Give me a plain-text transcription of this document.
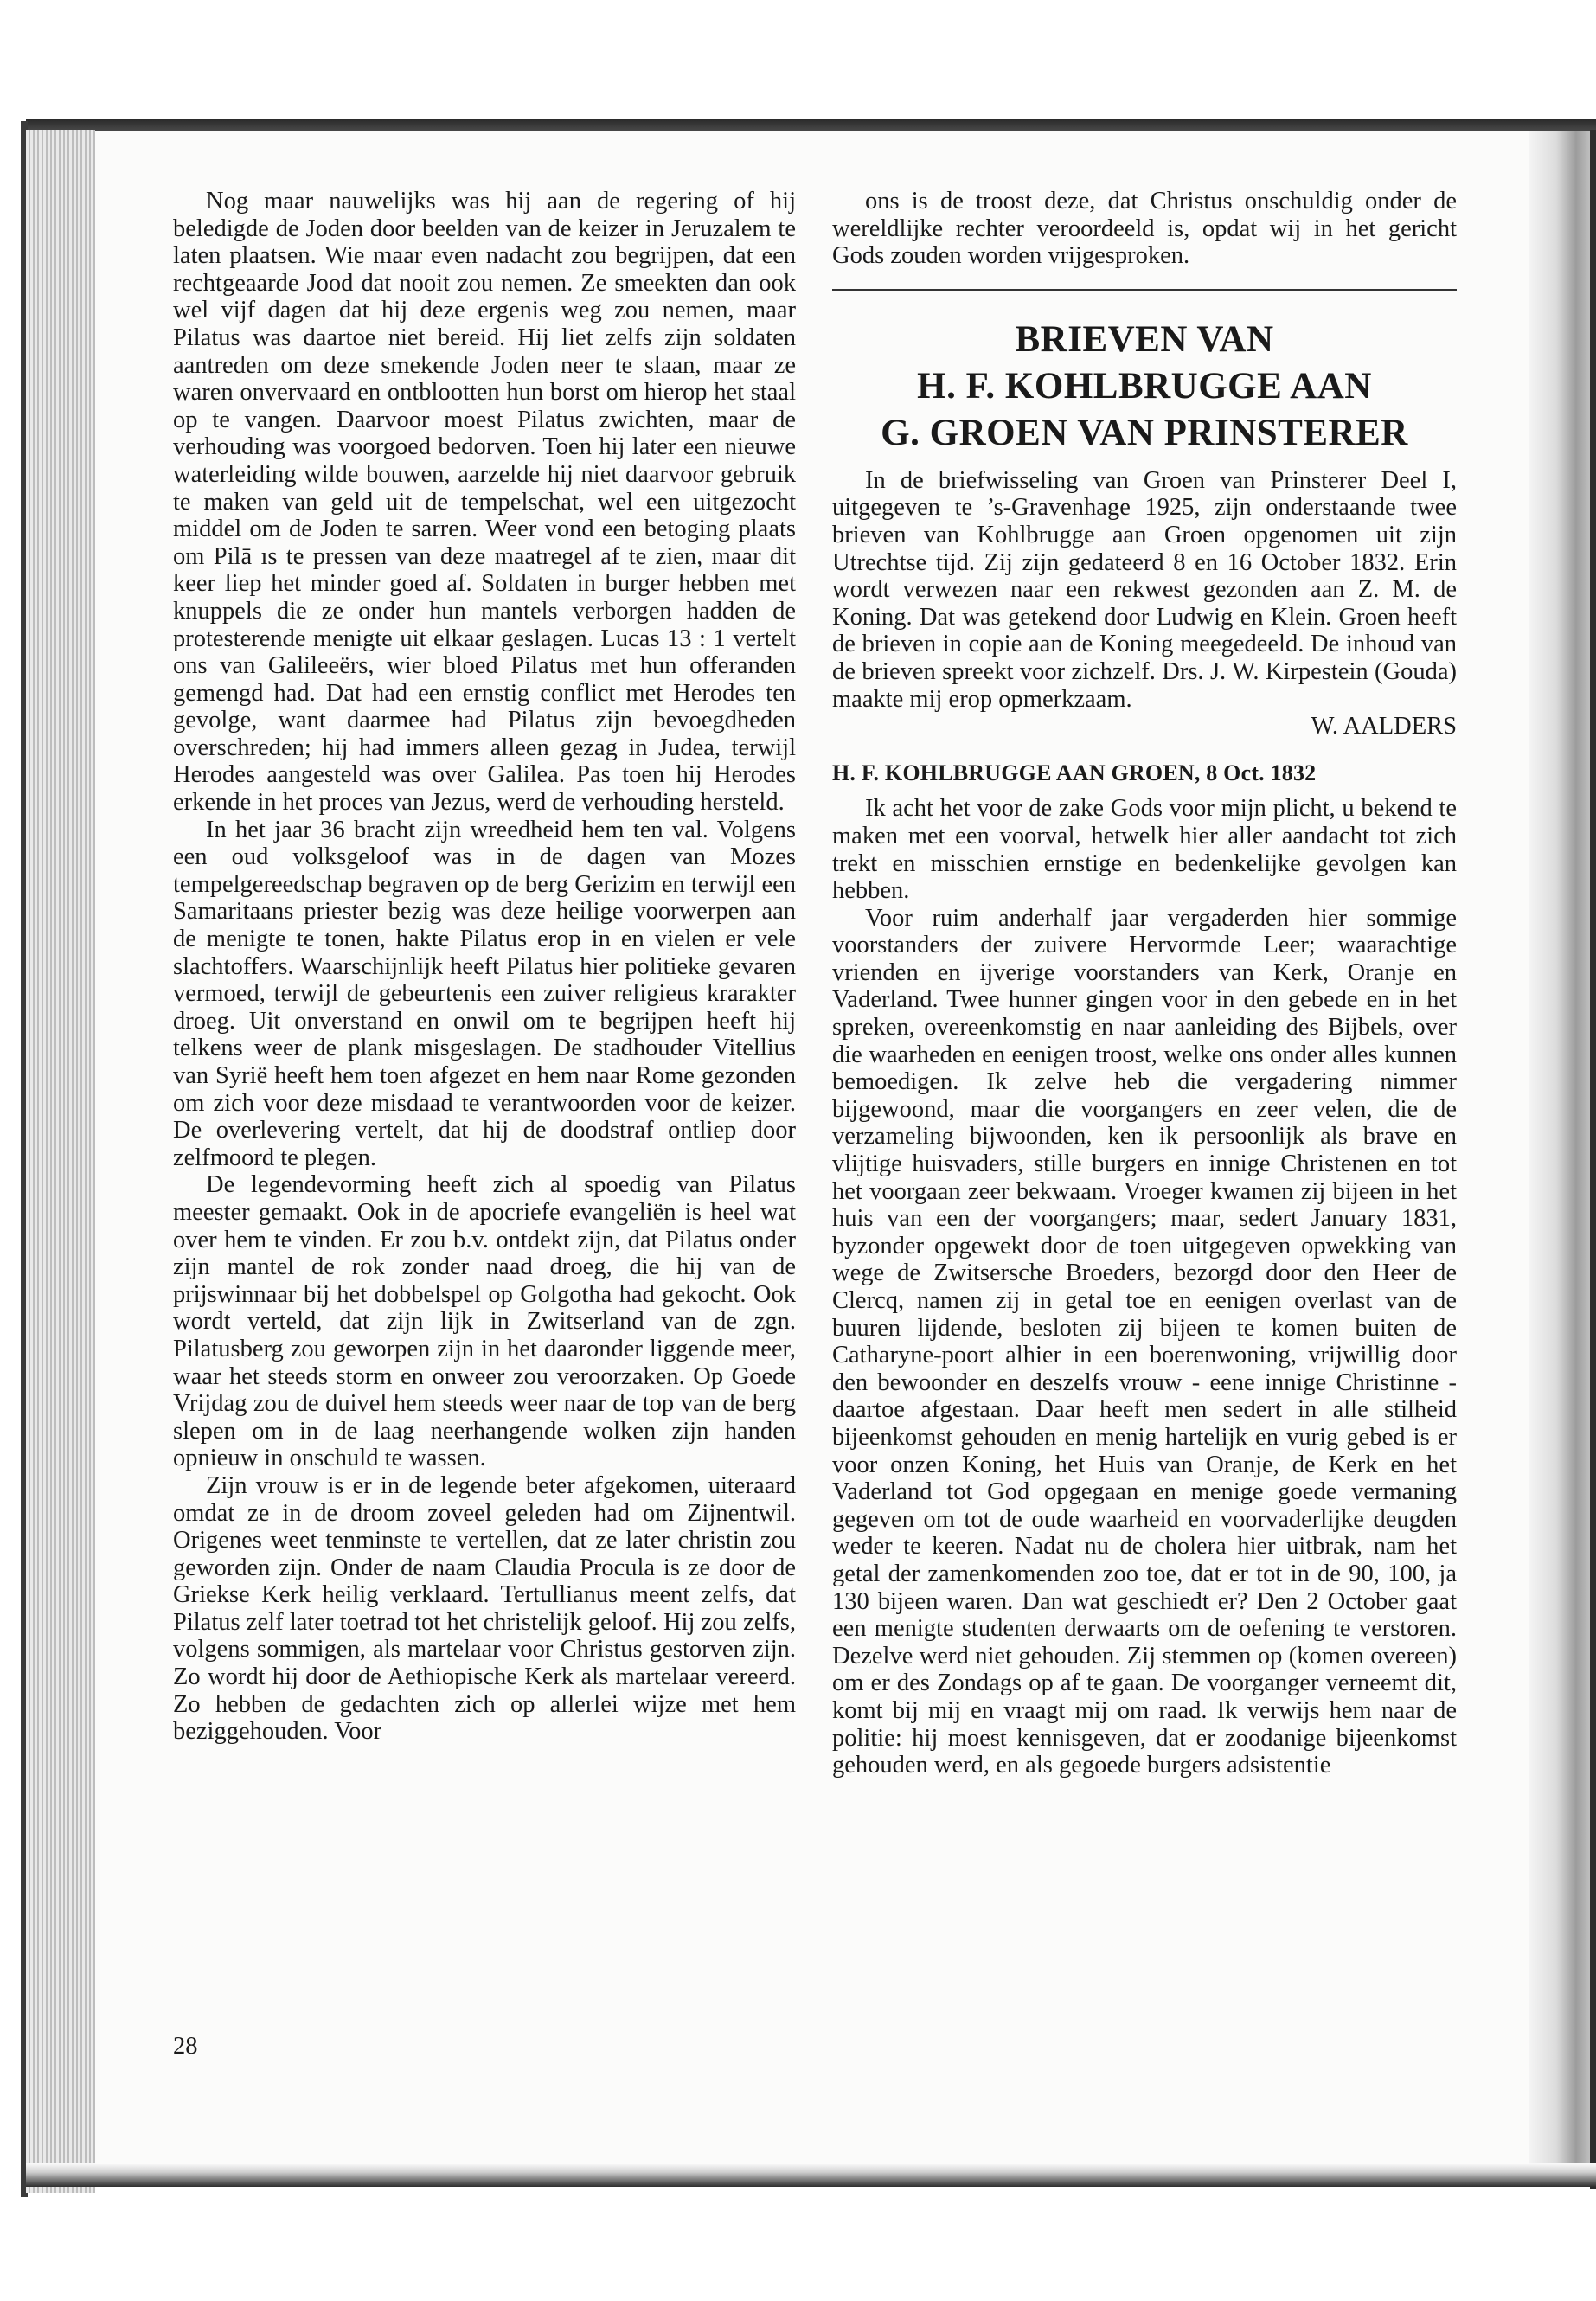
Nog maar nauwelijks was hij aan de regering of hij beledigde de Joden door beelden van de keizer in Jeruzalem te laten plaatsen. Wie maar even nadacht zou begrijpen, dat een rechtgeaarde Jood dat nooit zou nemen. Ze smeekten dan ook wel vijf dagen dat hij deze ergenis weg zou nemen, maar Pilatus was daartoe niet bereid. Hij liet zelfs zijn soldaten aantreden om deze smekende Joden neer te slaan, maar ze waren onvervaard en ontblootten hun borst om hierop het staal op te vangen. Daarvoor moest Pilatus zwichten, maar de verhouding was voorgoed bedorven. Toen hij later een nieuwe waterleiding wilde bouwen, aarzelde hij niet daarvoor gebruik te maken van geld uit de tempelschat, wel een uitgezocht middel om de Joden te sarren. Weer vond een betoging plaats om Pilā ıs te pressen van deze maatregel af te zien, maar dit keer liep het minder goed af. Soldaten in burger hebben met knuppels die ze onder hun mantels verborgen hadden de protesterende menigte uit elkaar geslagen. Lucas 13 : 1 vertelt ons van Galileeërs, wier bloed Pilatus met hun offeranden gemengd had. Dat had een ernstig conflict met Herodes ten gevolge, want daarmee had Pilatus zijn bevoegdheden overschreden; hij had immers alleen gezag in Judea, terwijl Herodes aangesteld was over Galilea. Pas toen hij Herodes erkende in het proces van Jezus, werd de verhouding hersteld.

In het jaar 36 bracht zijn wreedheid hem ten val. Volgens een oud volksgeloof was in de dagen van Mozes tempelgereedschap begraven op de berg Gerizim en terwijl een Samaritaans priester bezig was deze heilige voorwerpen aan de menigte te tonen, hakte Pilatus erop in en vielen er vele slachtoffers. Waarschijnlijk heeft Pilatus hier politieke gevaren vermoed, terwijl de gebeurtenis een zuiver religieus krarakter droeg. Uit onverstand en onwil om te begrijpen heeft hij telkens weer de plank misgeslagen. De stadhouder Vitellius van Syrië heeft hem toen afgezet en hem naar Rome gezonden om zich voor deze misdaad te verantwoorden voor de keizer. De overlevering vertelt, dat hij de doodstraf ontliep door zelfmoord te plegen.

De legendevorming heeft zich al spoedig van Pilatus meester gemaakt. Ook in de apocriefe evangeliën is heel wat over hem te vinden. Er zou b.v. ontdekt zijn, dat Pilatus onder zijn mantel de rok zonder naad droeg, die hij van de prijswinnaar bij het dobbelspel op Golgotha had gekocht. Ook wordt verteld, dat zijn lijk in Zwitserland van de zgn. Pilatusberg zou geworpen zijn in het daaronder liggende meer, waar het steeds storm en onweer zou veroorzaken. Op Goede Vrijdag zou de duivel hem steeds weer naar de top van de berg slepen om in de laag neerhangende wolken zijn handen opnieuw in onschuld te wassen.

Zijn vrouw is er in de legende beter afgekomen, uiteraard omdat ze in de droom zoveel geleden had om Zijnentwil. Origenes weet tenminste te vertellen, dat ze later christin zou geworden zijn. Onder de naam Claudia Procula is ze door de Griekse Kerk heilig verklaard. Tertullianus meent zelfs, dat Pilatus zelf later toetrad tot het christelijk geloof. Hij zou zelfs, volgens sommigen, als martelaar voor Christus gestorven zijn. Zo wordt hij door de Aethiopische Kerk als martelaar vereerd. Zo hebben de gedachten zich op allerlei wijze met hem beziggehouden. Voor

ons is de troost deze, dat Christus onschuldig onder de wereldlijke rechter veroordeeld is, opdat wij in het gericht Gods zouden worden vrijgesproken.

BRIEVEN VAN
H. F. KOHLBRUGGE AAN
G. GROEN VAN PRINSTERER

In de briefwisseling van Groen van Prinsterer Deel I, uitgegeven te ’s-Gravenhage 1925, zijn onderstaande twee brieven van Kohlbrugge aan Groen opgenomen uit zijn Utrechtse tijd. Zij zijn gedateerd 8 en 16 October 1832. Erin wordt verwezen naar een rekwest gezonden aan Z. M. de Koning. Dat was getekend door Ludwig en Klein. Groen heeft de brieven in copie aan de Koning meegedeeld. De inhoud van de brieven spreekt voor zichzelf. Drs. J. W. Kirpestein (Gouda) maakte mij erop opmerkzaam.

W. AALDERS

H. F. KOHLBRUGGE AAN GROEN, 8 Oct. 1832

Ik acht het voor de zake Gods voor mijn plicht, u bekend te maken met een voorval, hetwelk hier aller aandacht tot zich trekt en misschien ernstige en bedenkelijke gevolgen kan hebben.

Voor ruim anderhalf jaar vergaderden hier sommige voorstanders der zuivere Hervormde Leer; waarachtige vrienden en ijverige voorstanders van Kerk, Oranje en Vaderland. Twee hunner gingen voor in den gebede en in het spreken, overeenkomstig en naar aanleiding des Bijbels, over die waarheden en eenigen troost, welke ons onder alles kunnen bemoedigen. Ik zelve heb die vergadering nimmer bijgewoond, maar die voorgangers en zeer velen, die de verzameling bijwoonden, ken ik persoonlijk als brave en vlijtige huisvaders, stille burgers en innige Christenen en tot het voorgaan zeer bekwaam. Vroeger kwamen zij bijeen in het huis van een der voorgangers; maar, sedert January 1831, byzonder opgewekt door de toen uitgegeven opwekking van wege de Zwitsersche Broeders, bezorgd door den Heer de Clercq, namen zij in getal toe en eenigen overlast van de buuren lijdende, besloten zij bijeen te komen buiten de Catharyne-poort alhier in een boerenwoning, vrijwillig door den bewoonder en deszelfs vrouw - eene innige Christinne - daartoe afgestaan. Daar heeft men sedert in alle stilheid bijeenkomst gehouden en menig hartelijk en vurig gebed is er voor onzen Koning, het Huis van Oranje, de Kerk en het Vaderland tot God opgegaan en menige goede vermaning gegeven om tot de oude waarheid en voorvaderlijke deugden weder te keeren. Nadat nu de cholera hier uitbrak, nam het getal der zamenkomenden zoo toe, dat er tot in de 90, 100, ja 130 bijeen waren. Dan wat geschiedt er? Den 2 October gaat een menigte studenten derwaarts om de oefening te verstoren. Dezelve werd niet gehouden. Zij stemmen op (komen overeen) om er des Zondags op af te gaan. De voorganger verneemt dit, komt bij mij en vraagt mij om raad. Ik verwijs hem naar de politie: hij moest kennisgeven, dat er zoodanige bijeenkomst gehouden werd, en als gegoede burgers adsistentie

28
